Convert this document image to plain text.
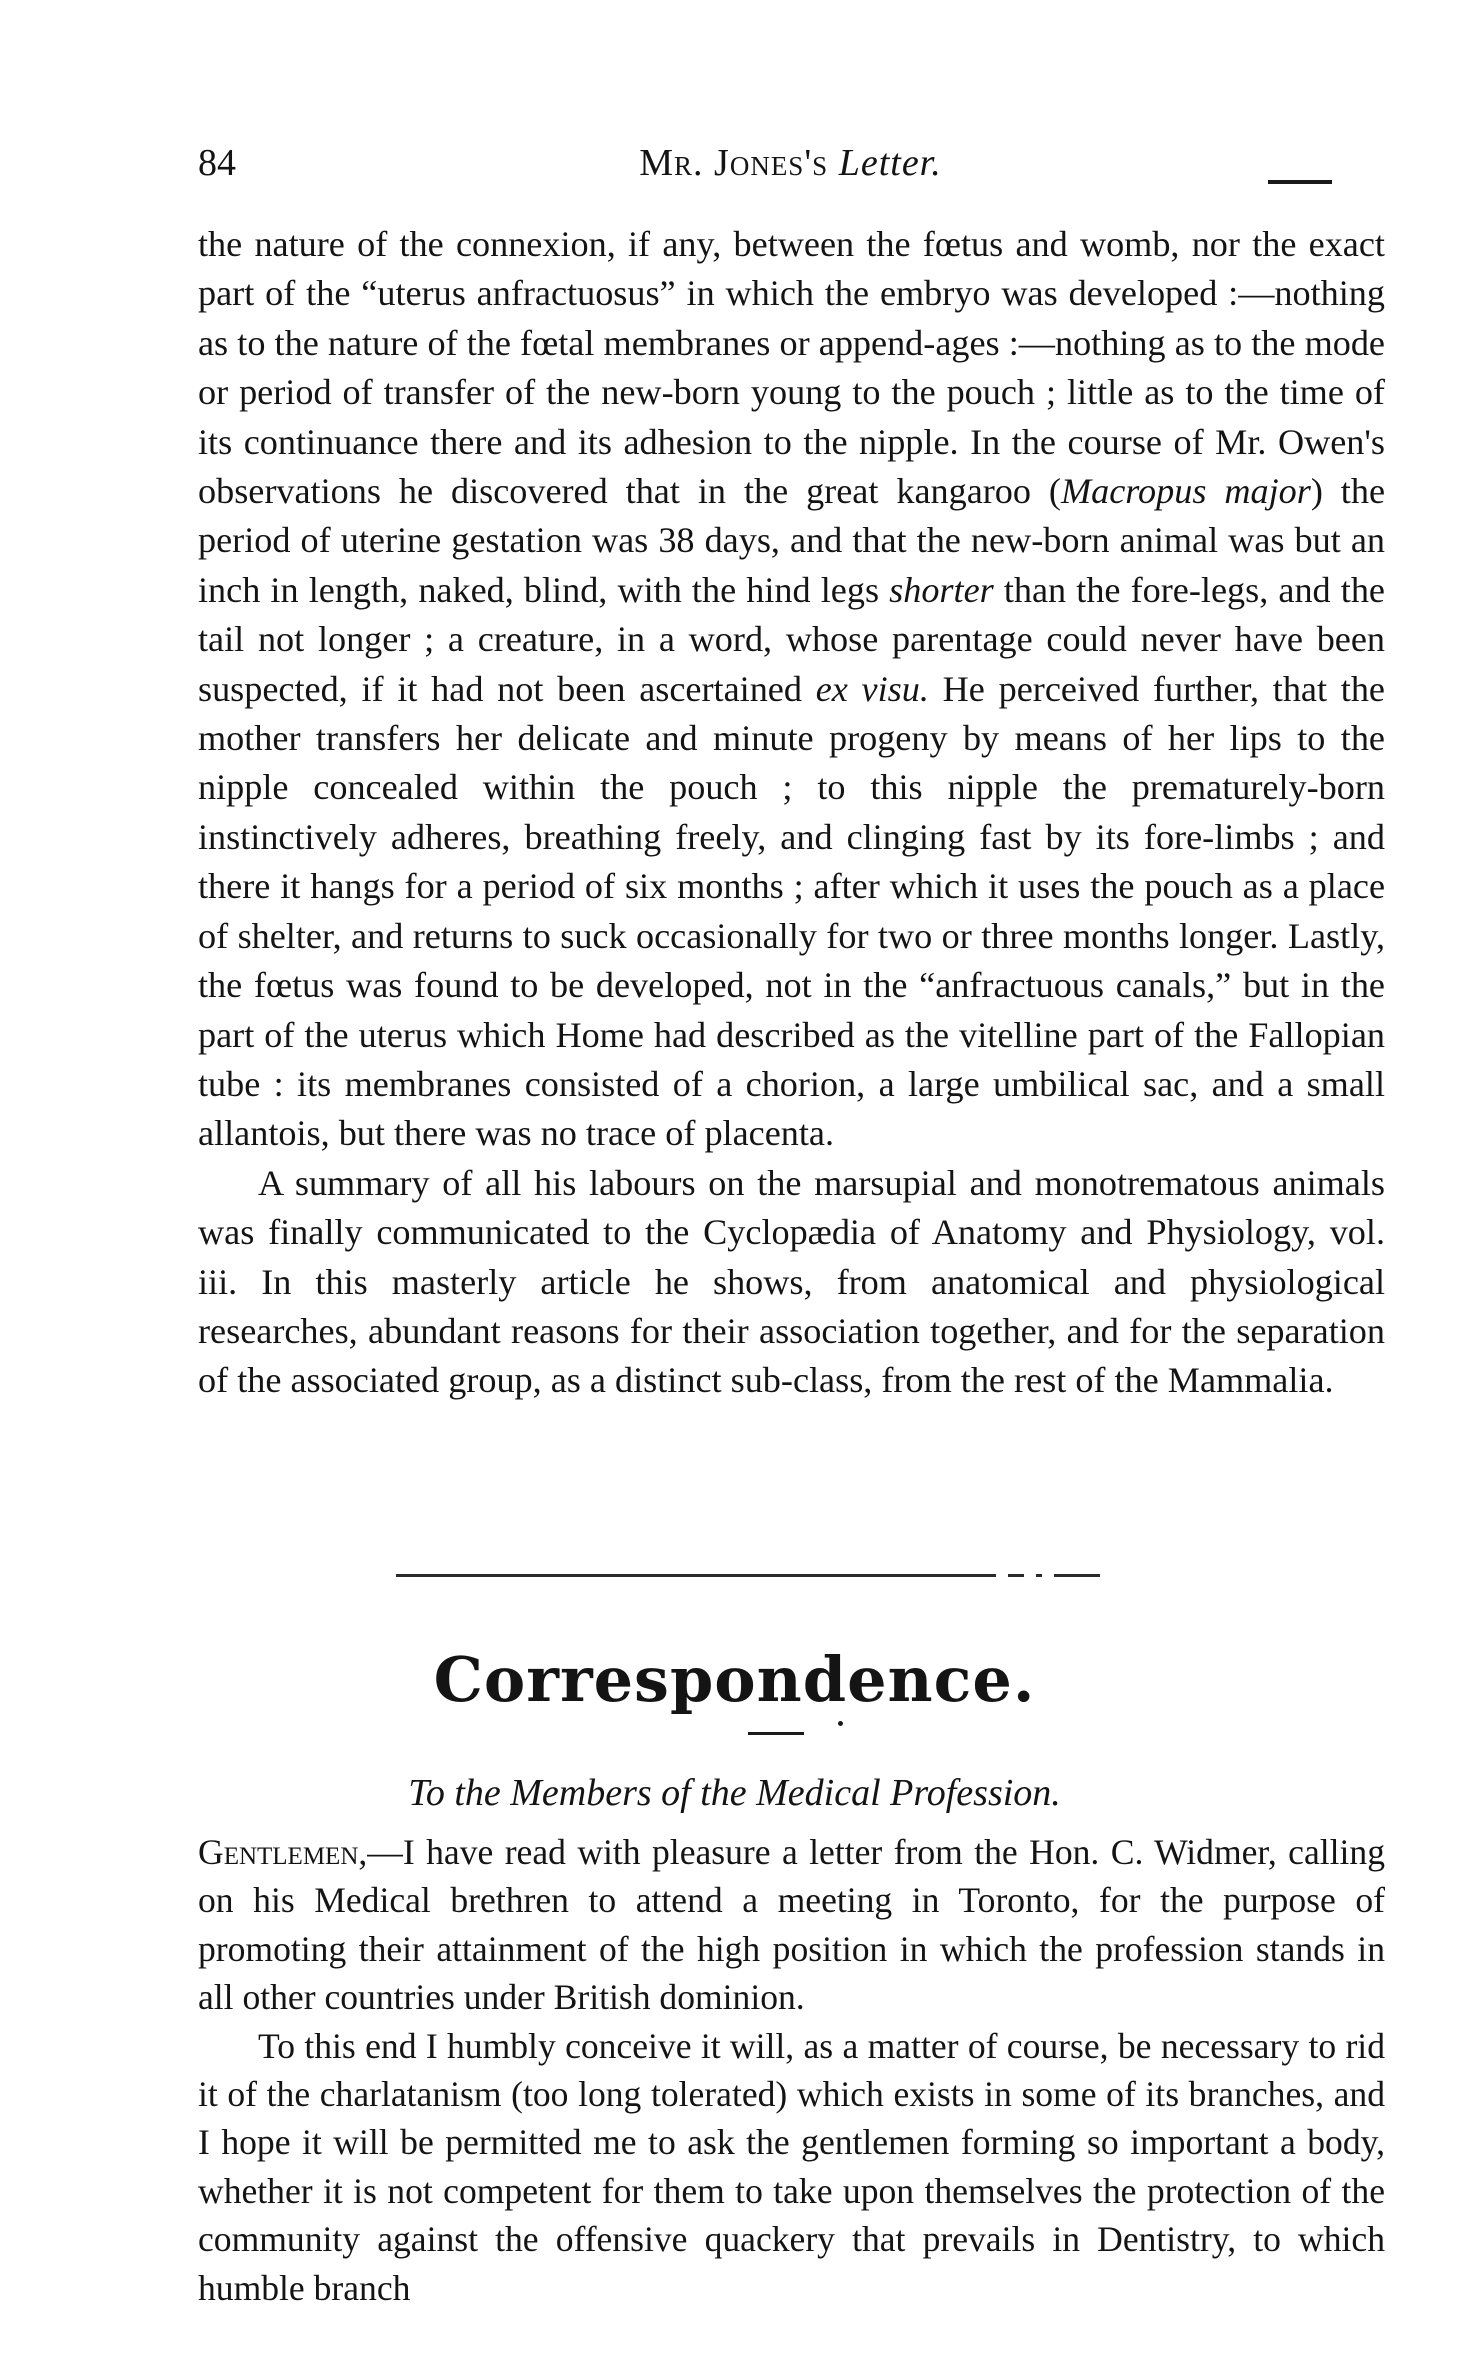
84	Mr. Jones's Letter.

the nature of the connexion, if any, between the fœtus and womb, nor the exact part of the “uterus anfractuosus” in which the embryo was developed :—nothing as to the nature of the fœtal membranes or append-ages :—nothing as to the mode or period of transfer of the new-born young to the pouch ; little as to the time of its continuance there and its adhesion to the nipple. In the course of Mr. Owen's observations he discovered that in the great kangaroo (Macropus major) the period of uterine gestation was 38 days, and that the new-born animal was but an inch in length, naked, blind, with the hind legs shorter than the fore-legs, and the tail not longer ; a creature, in a word, whose parentage could never have been suspected, if it had not been ascertained ex visu. He perceived further, that the mother transfers her delicate and minute progeny by means of her lips to the nipple concealed within the pouch ; to this nipple the prematurely-born instinctively adheres, breathing freely, and clinging fast by its fore-limbs ; and there it hangs for a period of six months ; after which it uses the pouch as a place of shelter, and returns to suck occasionally for two or three months longer. Lastly, the fœtus was found to be developed, not in the “anfractuous canals,” but in the part of the uterus which Home had described as the vitelline part of the Fallopian tube : its membranes consisted of a chorion, a large umbilical sac, and a small allantois, but there was no trace of placenta.

A summary of all his labours on the marsupial and monotrematous animals was finally communicated to the Cyclopædia of Anatomy and Physiology, vol. iii. In this masterly article he shows, from anatomical and physiological researches, abundant reasons for their association together, and for the separation of the associated group, as a distinct sub-class, from the rest of the Mammalia.

Correspondence.
To the Members of the Medical Profession.

Gentlemen,—I have read with pleasure a letter from the Hon. C. Widmer, calling on his Medical brethren to attend a meeting in Toronto, for the purpose of promoting their attainment of the high position in which the profession stands in all other countries under British dominion.

To this end I humbly conceive it will, as a matter of course, be necessary to rid it of the charlatanism (too long tolerated) which exists in some of its branches, and I hope it will be permitted me to ask the gentlemen forming so important a body, whether it is not competent for them to take upon themselves the protection of the community against the offensive quackery that prevails in Dentistry, to which humble branch
